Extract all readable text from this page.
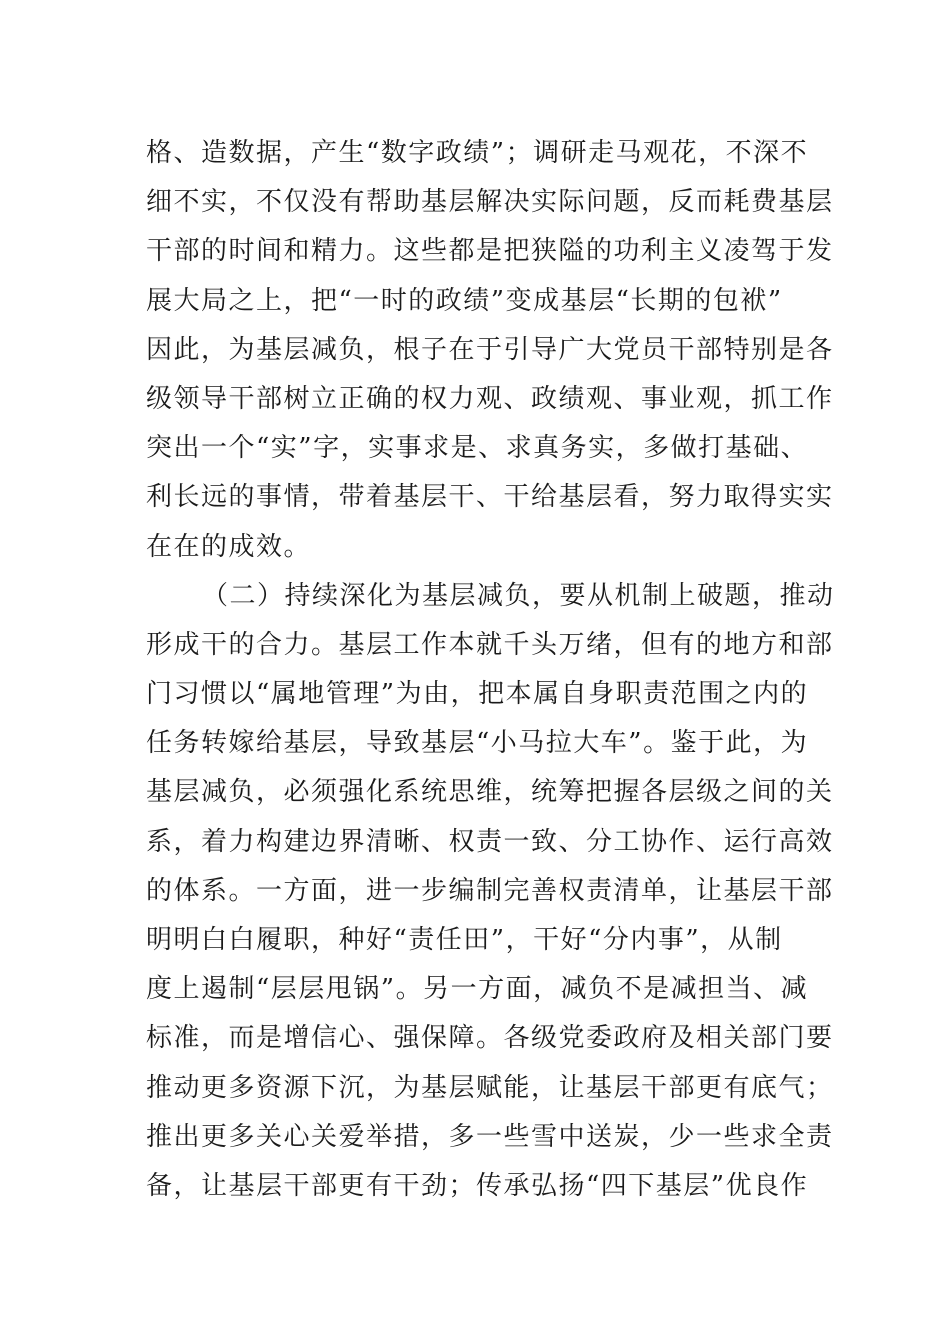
格、造数据，产生“数字政绩”；调研走马观花，不深不
细不实，不仅没有帮助基层解决实际问题，反而耗费基层
干部的时间和精力。这些都是把狭隘的功利主义凌驾于发
展大局之上，把“一时的政绩”变成基层“长期的包袱”
因此，为基层减负，根子在于引导广大党员干部特别是各
级领导干部树立正确的权力观、政绩观、事业观，抓工作
突出一个“实”字，实事求是、求真务实，多做打基础、
利长远的事情，带着基层干、干给基层看，努力取得实实
在在的成效。
（二）持续深化为基层减负，要从机制上破题，推动
形成干的合力。基层工作本就千头万绪，但有的地方和部
门习惯以“属地管理”为由，把本属自身职责范围之内的
任务转嫁给基层，导致基层“小马拉大车”。鉴于此，为
基层减负，必须强化系统思维，统筹把握各层级之间的关
系，着力构建边界清晰、权责一致、分工协作、运行高效
的体系。一方面，进一步编制完善权责清单，让基层干部
明明白白履职，种好“责任田”，干好“分内事”，从制
度上遏制“层层甩锅”。另一方面，减负不是减担当、减
标准，而是增信心、强保障。各级党委政府及相关部门要
推动更多资源下沉，为基层赋能，让基层干部更有底气；
推出更多关心关爱举措，多一些雪中送炭，少一些求全责
备，让基层干部更有干劲；传承弘扬“四下基层”优良作
